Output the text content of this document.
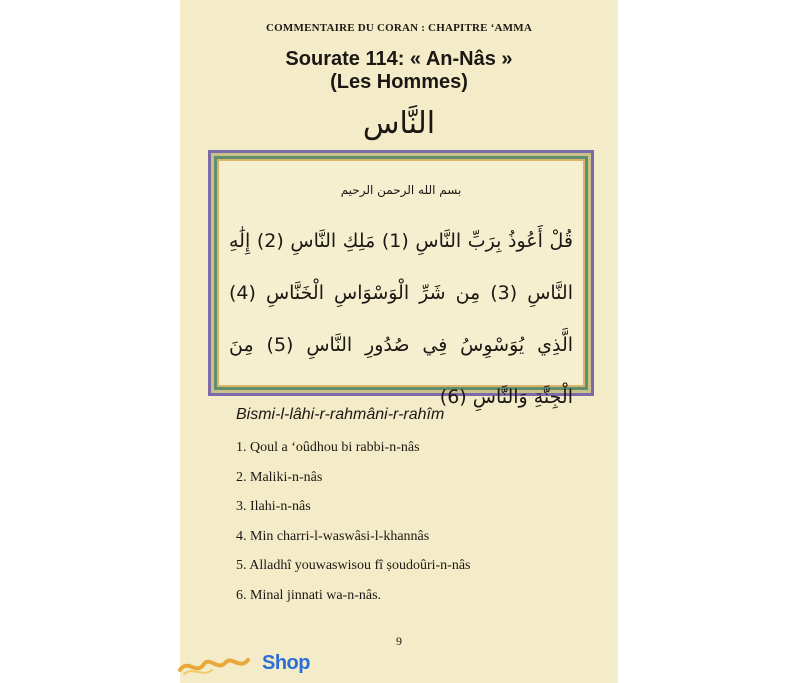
COMMENTAIRE DU CORAN : CHAPITRE ‘AMMA
Sourate 114: « An-Nâs »
(Les Hommes)
النَّاس
بسم الله الرحمن الرحيم
قُلْ أَعُوذُ بِرَبِّ النَّاسِ (1) مَلِكِ النَّاسِ (2) إِلَٰهِ النَّاسِ (3) مِن شَرِّ الْوَسْوَاسِ الْخَنَّاسِ (4) الَّذِي يُوَسْوِسُ فِي صُدُورِ النَّاسِ (5) مِنَ الْجِنَّةِ وَالنَّاسِ (6)
Bismi-l-lâhi-r-rahmâni-r-rahîm
1. Qoul a ‘oûdhou bi rabbi-n-nâs
2. Maliki-n-nâs
3. Ilahi-n-nâs
4. Min charri-l-waswâsi-l-khannâs
5. Alladhî youwaswisou fî ṣoudoûri-n-nâs
6. Minal jinnati wa-n-nâs.
9
Shop
